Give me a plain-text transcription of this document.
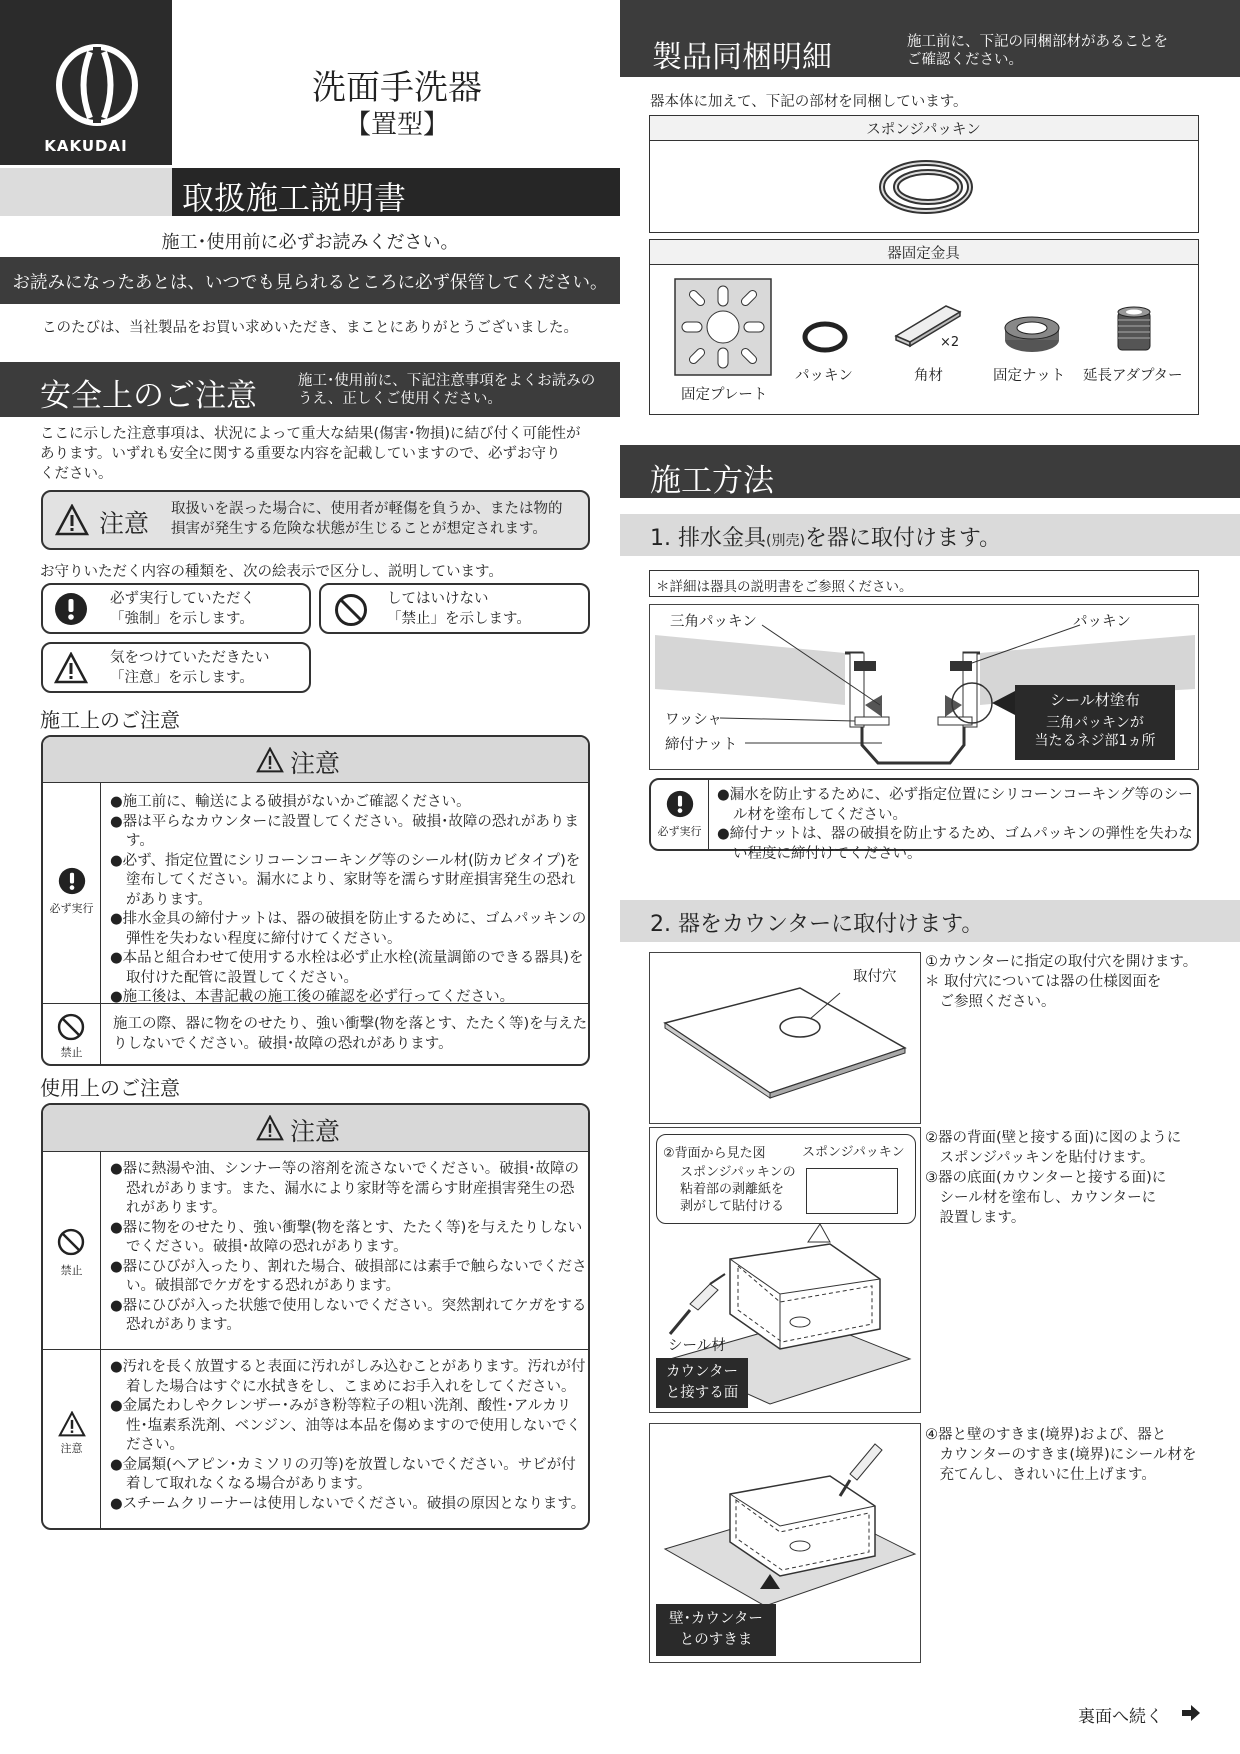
KAKUDAI
洗面手洗器
【置型】
取扱施工説明書
施工･使用前に必ずお読みください。
お読みになったあとは、いつでも見られるところに必ず保管してください。
このたびは、当社製品をお買い求めいただき、まことにありがとうございました。
安全上のご注意	施工･使用前に、下記注意事項をよくお読みの
うえ、正しくご使用ください。
ここに示した注意事項は、状況によって重大な結果(傷害･物損)に結び付く可能性が
あります。いずれも安全に関する重要な内容を記載していますので、必ずお守り
ください。
注意 取扱いを誤った場合に、使用者が軽傷を負うか、または物的
損害が発生する危険な状態が生じることが想定されます。
お守りいただく内容の種類を、次の絵表示で区分し、説明しています。
必ず実行していただく
「強制」を示します。
してはいけない
「禁止」を示します。
気をつけていただきたい
「注意」を示します。
施工上のご注意
注意
必ず実行
●施工前に、輸送による破損がないかご確認ください。
●器は平らなカウンターに設置してください。破損･故障の恐れがあります。
●必ず、指定位置にシリコーンコーキング等のシール材(防カビタイプ)を塗布してください。漏水により、家財等を濡らす財産損害発生の恐れがあります。
●排水金具の締付ナットは、器の破損を防止するために、ゴムパッキンの弾性を失わない程度に締付けてください。
●本品と組合わせて使用する水栓は必ず止水栓(流量調節のできる器具)を取付けた配管に設置してください。
●施工後は、本書記載の施工後の確認を必ず行ってください。
禁止
施工の際、器に物をのせたり、強い衝撃(物を落とす、たたく等)を与えたりしないでください。破損･故障の恐れがあります。
使用上のご注意
注意
禁止
●器に熱湯や油、シンナー等の溶剤を流さないでください。破損･故障の恐れがあります。また、漏水により家財等を濡らす財産損害発生の恐れがあります。
●器に物をのせたり、強い衝撃(物を落とす、たたく等)を与えたりしないでください。破損･故障の恐れがあります。
●器にひびが入ったり、割れた場合、破損部には素手で触らないでください。破損部でケガをする恐れがあります。
●器にひびが入った状態で使用しないでください。突然割れてケガをする恐れがあります。
注意
●汚れを長く放置すると表面に汚れがしみ込むことがあります。汚れが付着した場合はすぐに水拭きをし、こまめにお手入れをしてください。
●金属たわしやクレンザー･みがき粉等粒子の粗い洗剤、酸性･アルカリ性･塩素系洗剤、ベンジン、油等は本品を傷めますので使用しないでください。
●金属類(ヘアピン･カミソリの刃等)を放置しないでください。サビが付着して取れなくなる場合があります。
●スチームクリーナーは使用しないでください。破損の原因となります。
製品同梱明細	施工前に、下記の同梱部材があることを
ご確認ください。
器本体に加えて、下記の部材を同梱しています。
スポンジパッキン
器固定金具
固定プレート
パッキン
×2
角材	固定ナット 延長アダプター
施工方法
1. 排水金具(別売)を器に取付けます。
＊詳細は器具の説明書をご参照ください。
三角パッキン	パッキン
ワッシャ
締付ナット
シール材塗布
三角パッキンが
当たるネジ部1ヵ所
必ず実行
●漏水を防止するために、必ず指定位置にシリコーンコーキング等のシール材を塗布してください。
●締付ナットは、器の破損を防止するため、ゴムパッキンの弾性を失わない程度に締付けてください。
2. 器をカウンターに取付けます。
取付穴
①カウンターに指定の取付穴を開けます。
＊ 取付穴については器の仕様図面を
　ご参照ください。
②背面から見た図	スポンジパッキン
スポンジパッキンの
粘着部の剥離紙を
剥がして貼付ける
シール材
カウンター
と接する面
②器の背面(壁と接する面)に図のように
　スポンジパッキンを貼付けます。
③器の底面(カウンターと接する面)に
　シール材を塗布し、カウンターに
　設置します。
壁･カウンター
とのすきま
④器と壁のすきま(境界)および、器と
　カウンターのすきま(境界)にシール材を
　充てんし、きれいに仕上げます。
裏面へ続く
